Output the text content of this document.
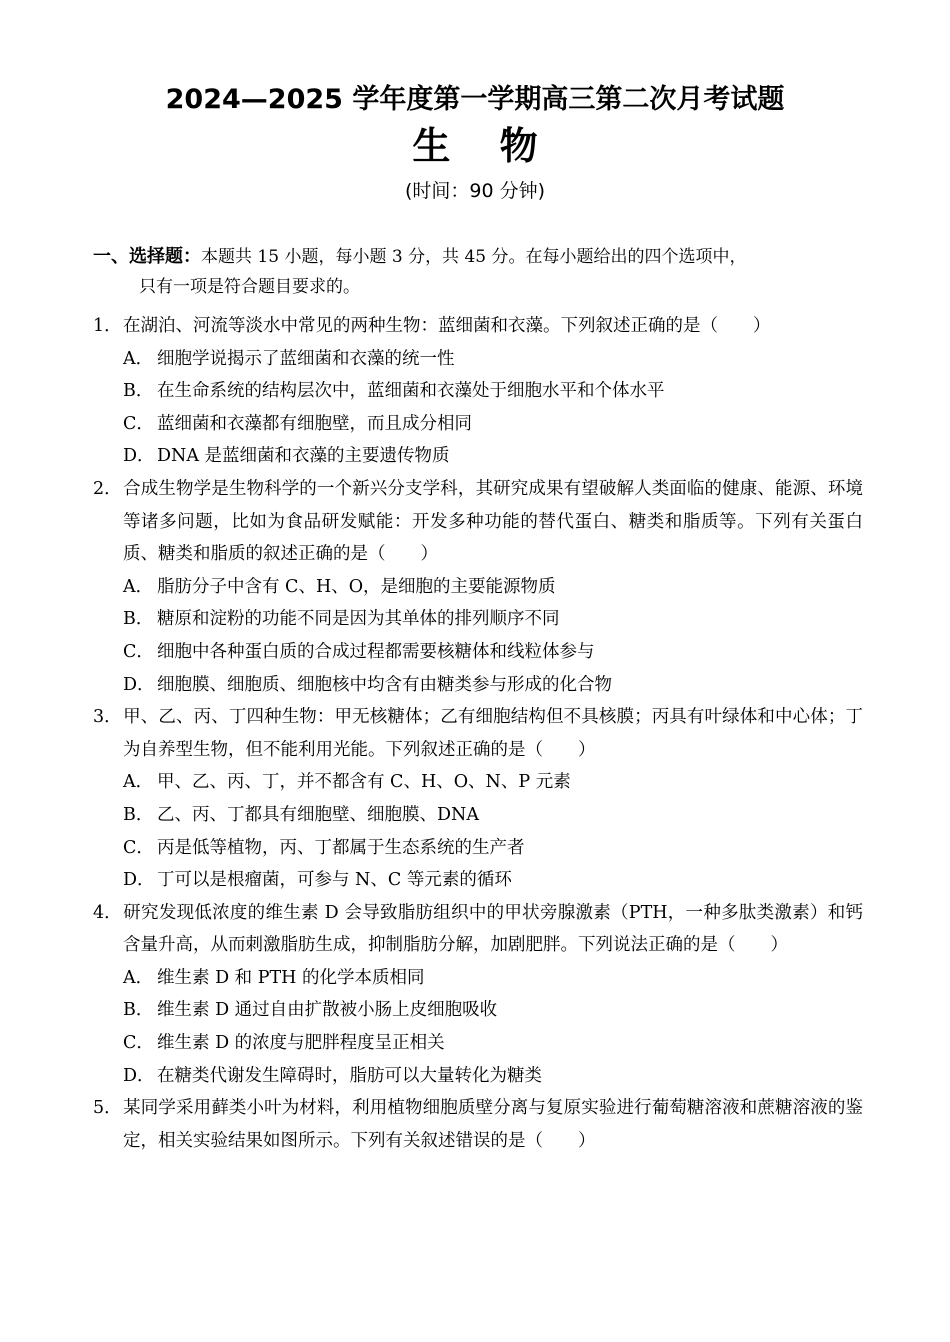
2024—2025 学年度第一学期高三第二次月考试题
生 物
(时间：90 分钟)
一、选择题：本题共 15 小题，每小题 3 分，共 45 分。在每小题给出的四个选项中，
只有一项是符合题目要求的。
1．在湖泊、河流等淡水中常见的两种生物：蓝细菌和衣藻。下列叙述正确的是（　　）
A． 细胞学说揭示了蓝细菌和衣藻的统一性
B． 在生命系统的结构层次中，蓝细菌和衣藻处于细胞水平和个体水平
C． 蓝细菌和衣藻都有细胞壁，而且成分相同
D． DNA 是蓝细菌和衣藻的主要遗传物质
2．合成生物学是生物科学的一个新兴分支学科，其研究成果有望破解人类面临的健康、能源、环境等诸多问题，比如为食品研发赋能：开发多种功能的替代蛋白、糖类和脂质等。下列有关蛋白质、糖类和脂质的叙述正确的是（　　）
A． 脂肪分子中含有 C、H、O，是细胞的主要能源物质
B． 糖原和淀粉的功能不同是因为其单体的排列顺序不同
C． 细胞中各种蛋白质的合成过程都需要核糖体和线粒体参与
D． 细胞膜、细胞质、细胞核中均含有由糖类参与形成的化合物
3．甲、乙、丙、丁四种生物：甲无核糖体；乙有细胞结构但不具核膜；丙具有叶绿体和中心体；丁为自养型生物，但不能利用光能。下列叙述正确的是（　　）
A． 甲、乙、丙、丁，并不都含有 C、H、O、N、P 元素
B． 乙、丙、丁都具有细胞壁、细胞膜、DNA
C． 丙是低等植物，丙、丁都属于生态系统的生产者
D． 丁可以是根瘤菌，可参与 N、C 等元素的循环
4．研究发现低浓度的维生素 D 会导致脂肪组织中的甲状旁腺激素（PTH，一种多肽类激素）和钙含量升高，从而刺激脂肪生成，抑制脂肪分解，加剧肥胖。下列说法正确的是（　　）
A． 维生素 D 和 PTH 的化学本质相同
B． 维生素 D 通过自由扩散被小肠上皮细胞吸收
C． 维生素 D 的浓度与肥胖程度呈正相关
D． 在糖类代谢发生障碍时，脂肪可以大量转化为糖类
5．某同学采用藓类小叶为材料，利用植物细胞质壁分离与复原实验进行葡萄糖溶液和蔗糖溶液的鉴定，相关实验结果如图所示。下列有关叙述错误的是（　　）
